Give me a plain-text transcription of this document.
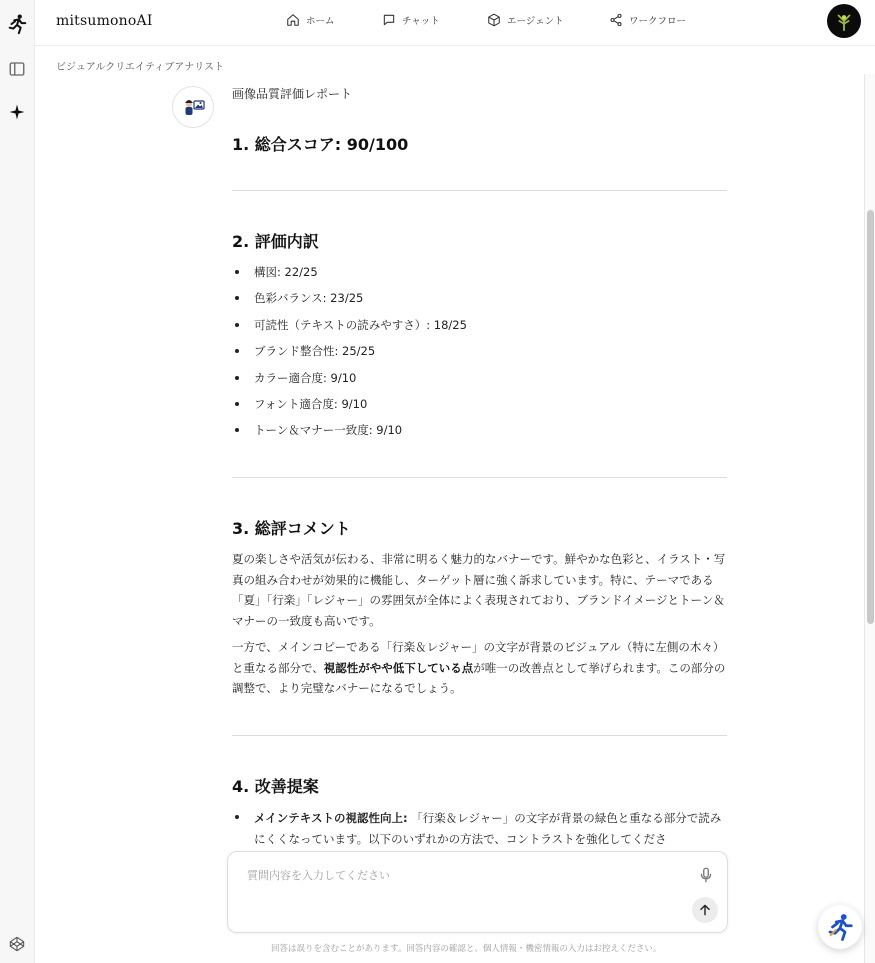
mitsumonoAI	ホーム	チャット	エージェント	ワークフロー
ビジュアルクリエイティブアナリスト
画像品質評価レポート
1. 総合スコア: 90/100
2. 評価内訳
構図: 22/25
色彩バランス: 23/25
可読性（テキストの読みやすさ）: 18/25
ブランド整合性: 25/25
カラー適合度: 9/10
フォント適合度: 9/10
トーン＆マナー一致度: 9/10
3. 総評コメント

夏の楽しさや活気が伝わる、非常に明るく魅力的なバナーです。鮮やかな色彩と、イラスト・写真の組み合わせが効果的に機能し、ターゲット層に強く訴求しています。特に、テーマである「夏」「行楽」「レジャー」の雰囲気が全体によく表現されており、ブランドイメージとトーン＆マナーの一致度も高いです。

一方で、メインコピーである「行楽＆レジャー」の文字が背景のビジュアル（特に左側の木々）と重なる部分で、視認性がやや低下している点が唯一の改善点として挙げられます。この部分の調整で、より完璧なバナーになるでしょう。

4. 改善提案
メインテキストの視認性向上: 「行楽＆レジャー」の文字が背景の緑色と重なる部分で読みにくくなっています。以下のいずれかの方法で、コントラストを強化してくださ
質問内容を入力してください
回答は誤りを含むことがあります。回答内容の確認と、個人情報・機密情報の入力はお控えください。
